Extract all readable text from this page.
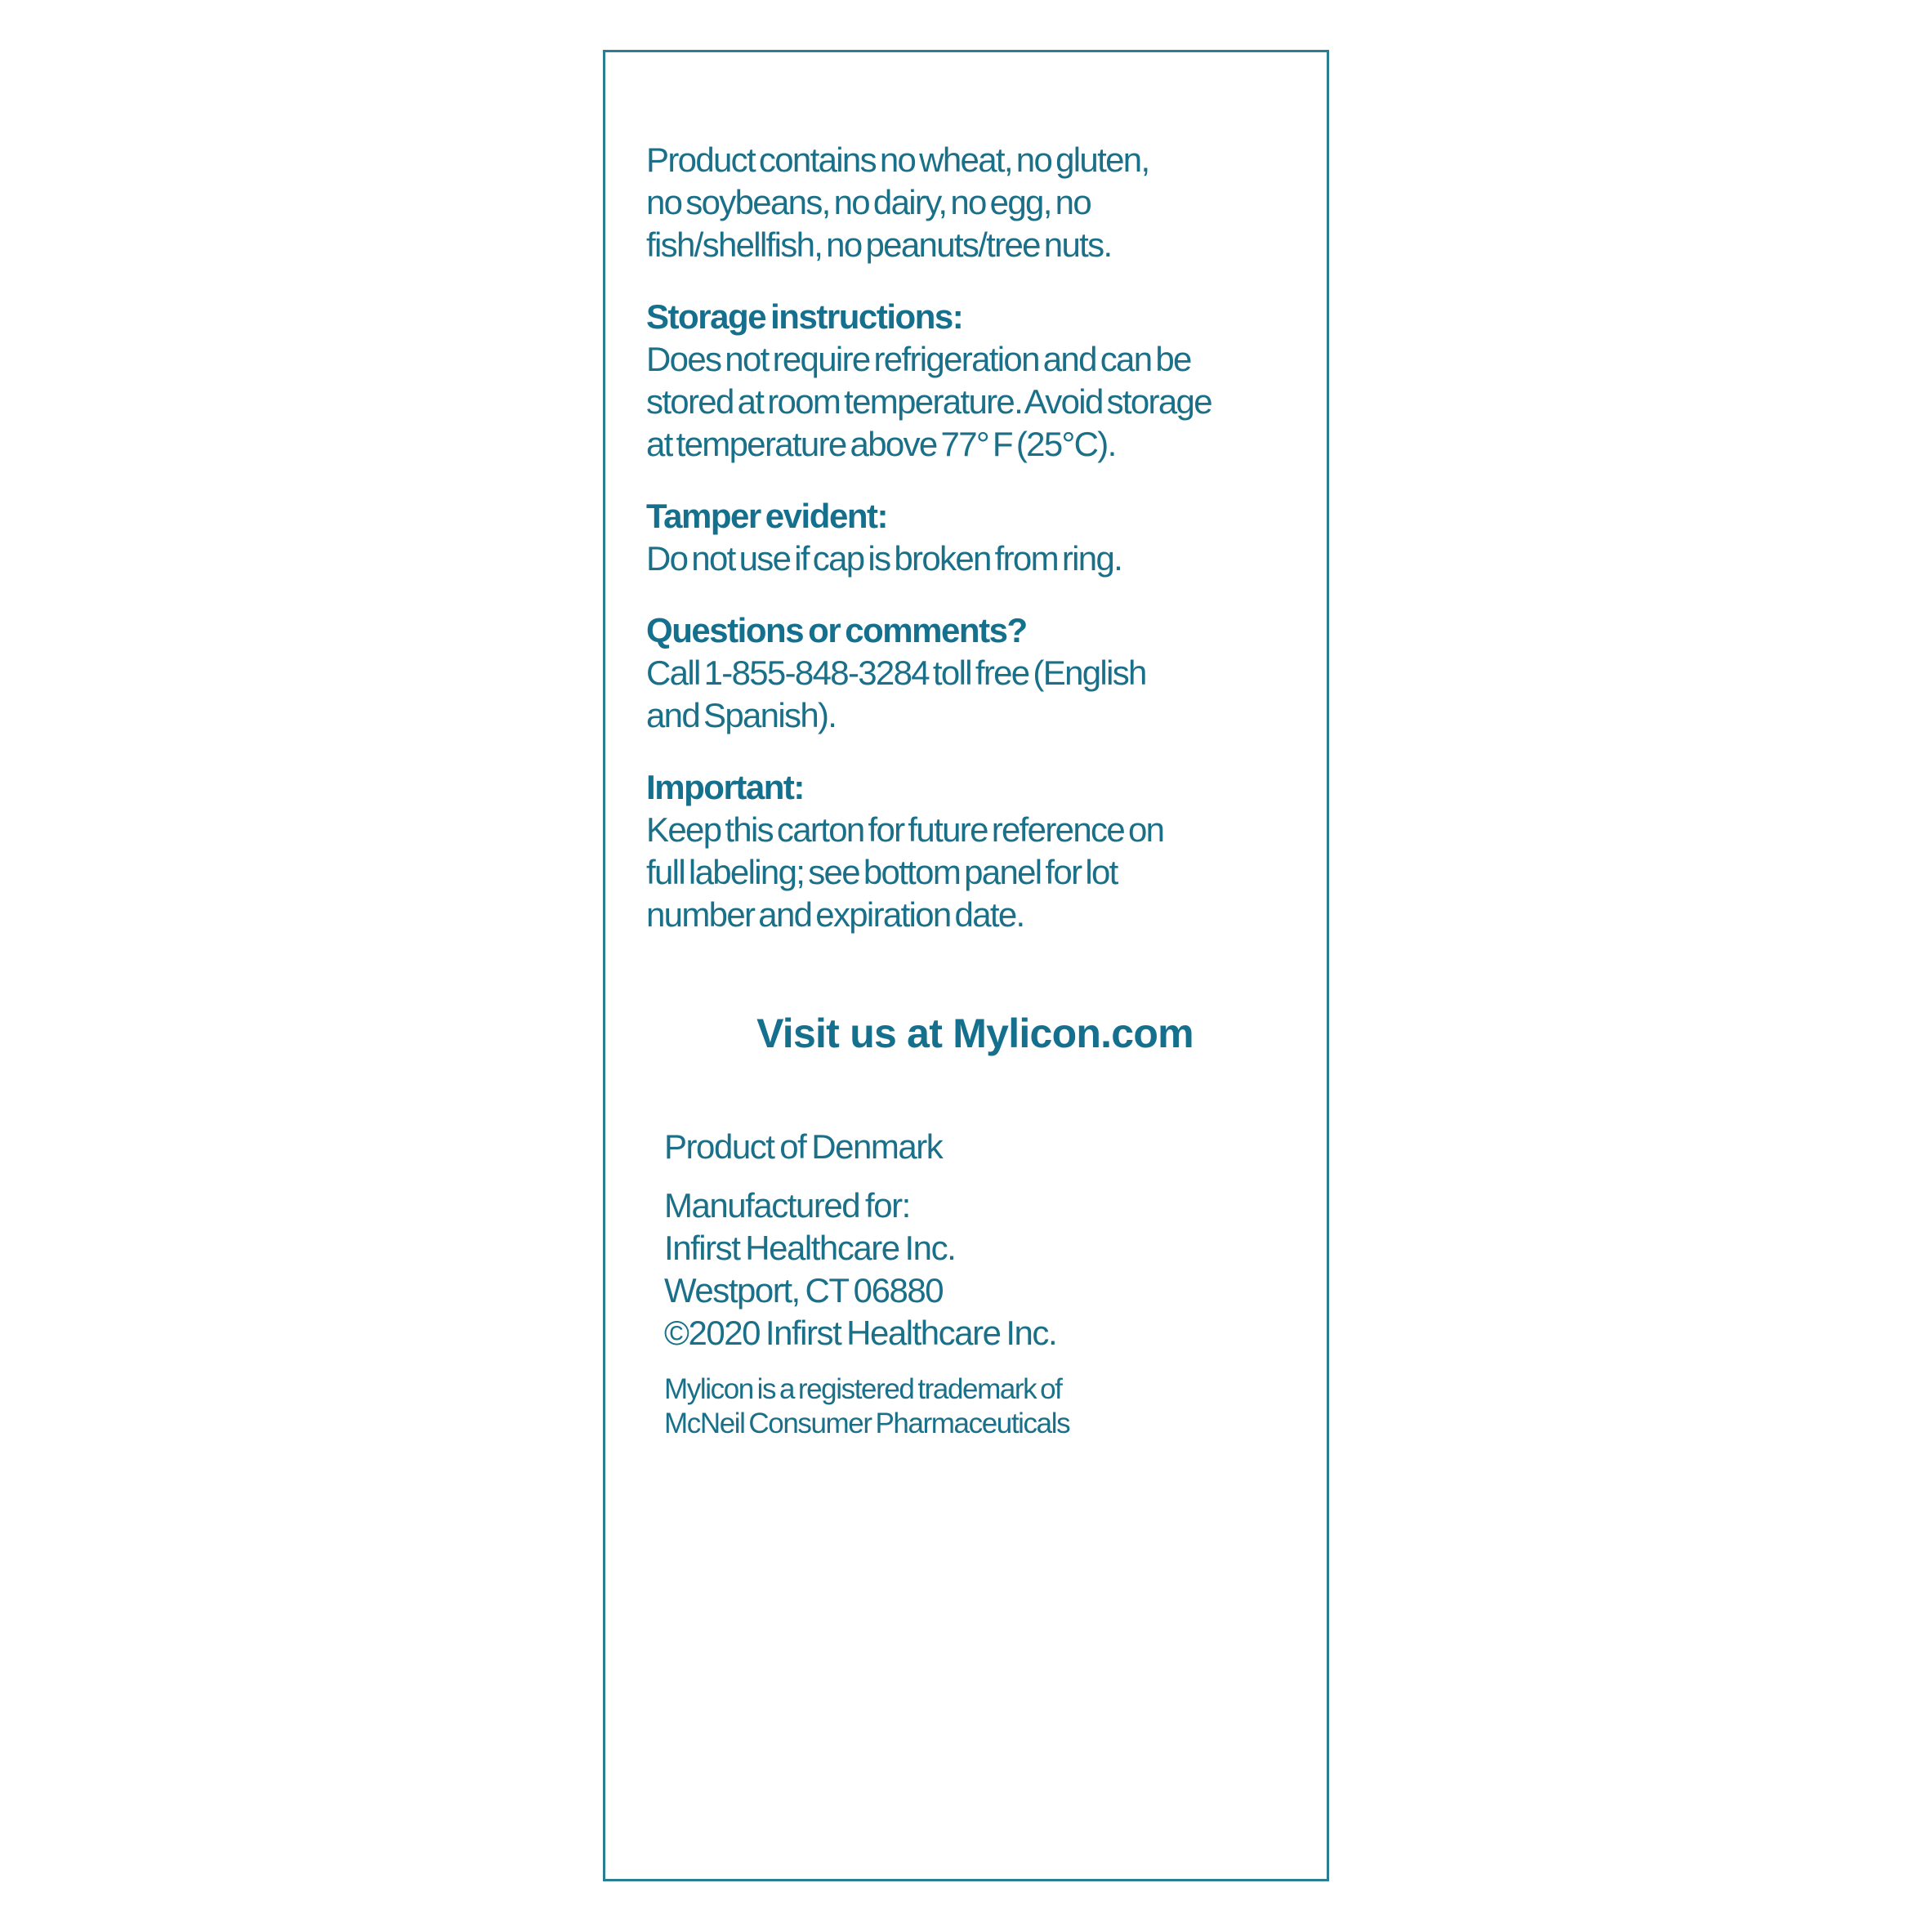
Product contains no wheat, no gluten,
no soybeans, no dairy, no egg, no
fish/shellfish, no peanuts/tree nuts.
Storage instructions:
Does not require refrigeration and can be
stored at room temperature. Avoid storage
at temperature above 77° F (25°C).
Tamper evident:
Do not use if cap is broken from ring.
Questions or comments?
Call 1-855-848-3284 toll free (English
and Spanish).
Important:
Keep this carton for future reference on
full labeling; see bottom panel for lot
number and expiration date.
Visit us at Mylicon.com
Product of Denmark
Manufactured for:
Infirst Healthcare Inc.
Westport, CT 06880
©2020 Infirst Healthcare Inc.
Mylicon is a registered trademark of
McNeil Consumer Pharmaceuticals
